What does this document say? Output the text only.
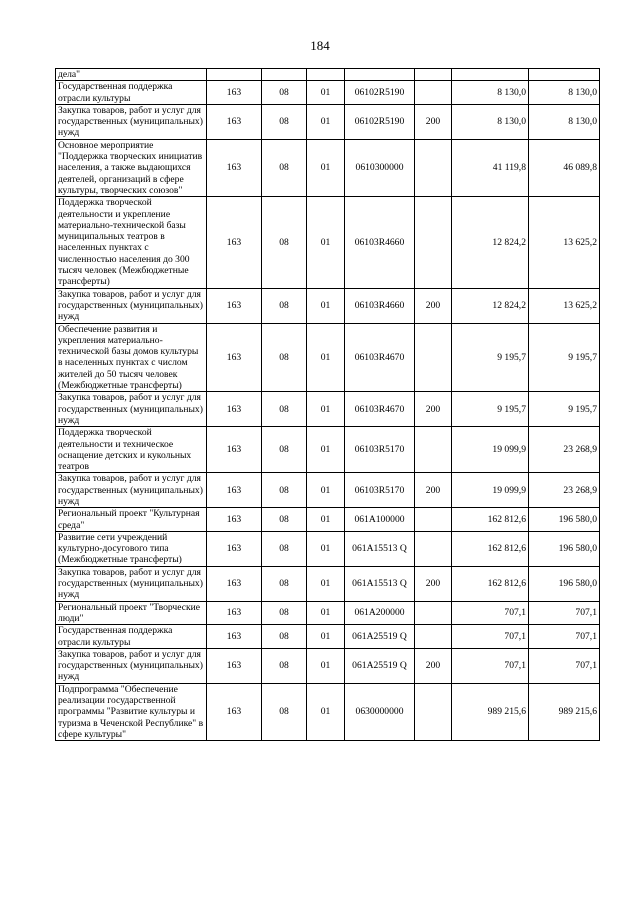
184
дела"							
Государственная поддержка отрасли культуры	163	08	01	06102R5190		8 130,0	8 130,0
Закупка товаров, работ и услуг для государственных (муниципальных) нужд	163	08	01	06102R5190	200	8 130,0	8 130,0
Основное мероприятие "Поддержка творческих инициатив населения, а также выдающихся деятелей, организаций в сфере культуры, творческих союзов"	163	08	01	0610300000		41 119,8	46 089,8
Поддержка творческой деятельности и укрепление материально-технической базы муниципальных театров в населенных пунктах с численностью населения до 300 тысяч человек (Межбюджетные трансферты)	163	08	01	06103R4660		12 824,2	13 625,2
Закупка товаров, работ и услуг для государственных (муниципальных) нужд	163	08	01	06103R4660	200	12 824,2	13 625,2
Обеспечение развития и укрепления материально-технической базы домов культуры в населенных пунктах с числом жителей до 50 тысяч человек (Межбюджетные трансферты)	163	08	01	06103R4670		9 195,7	9 195,7
Закупка товаров, работ и услуг для государственных (муниципальных) нужд	163	08	01	06103R4670	200	9 195,7	9 195,7
Поддержка творческой деятельности и техническое оснащение детских и кукольных театров	163	08	01	06103R5170		19 099,9	23 268,9
Закупка товаров, работ и услуг для государственных (муниципальных) нужд	163	08	01	06103R5170	200	19 099,9	23 268,9
Региональный проект "Культурная среда"	163	08	01	061A100000		162 812,6	196 580,0
Развитие сети учреждений культурно-досугового типа (Межбюджетные трансферты)	163	08	01	061A15513 Q		162 812,6	196 580,0
Закупка товаров, работ и услуг для государственных (муниципальных) нужд	163	08	01	061A15513 Q	200	162 812,6	196 580,0
Региональный проект "Творческие люди"	163	08	01	061A200000		707,1	707,1
Государственная поддержка отрасли культуры	163	08	01	061A25519 Q		707,1	707,1
Закупка товаров, работ и услуг для государственных (муниципальных) нужд	163	08	01	061A25519 Q	200	707,1	707,1
Подпрограмма "Обеспечение реализации государственной программы "Развитие культуры и туризма в Чеченской Республике" в сфере культуры"	163	08	01	0630000000		989 215,6	989 215,6
